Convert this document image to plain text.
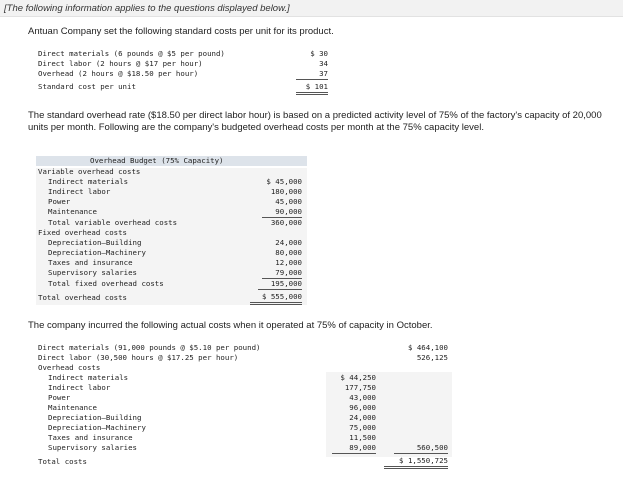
[The following information applies to the questions displayed below.]
Antuan Company set the following standard costs per unit for its product.
Direct materials (6 pounds @ $5 per pound)	$ 30
Direct labor (2 hours @ $17 per hour)	34
Overhead (2 hours @ $18.50 per hour)	37
Standard cost per unit	$ 101
The standard overhead rate ($18.50 per direct labor hour) is based on a predicted activity level of 75% of the factory's capacity of 20,000 units per month. Following are the company's budgeted overhead costs per month at the 75% capacity level.
Overhead Budget (75% Capacity)
Variable overhead costs
Indirect materials	$ 45,000
Indirect labor	180,000
Power	45,000
Maintenance	90,000
Total variable overhead costs	360,000
Fixed overhead costs
Depreciation—Building	24,000
Depreciation—Machinery	80,000
Taxes and insurance	12,000
Supervisory salaries	79,000
Total fixed overhead costs	195,000
Total overhead costs	$ 555,000
The company incurred the following actual costs when it operated at 75% of capacity in October.
Direct materials (91,000 pounds @ $5.10 per pound)	$ 464,100
Direct labor (30,500 hours @ $17.25 per hour)	526,125
Overhead costs
Indirect materials	$ 44,250
Indirect labor	177,750
Power	43,000
Maintenance	96,000
Depreciation—Building	24,000
Depreciation—Machinery	75,000
Taxes and insurance	11,500
Supervisory salaries	89,000	560,500
Total costs	$ 1,550,725
